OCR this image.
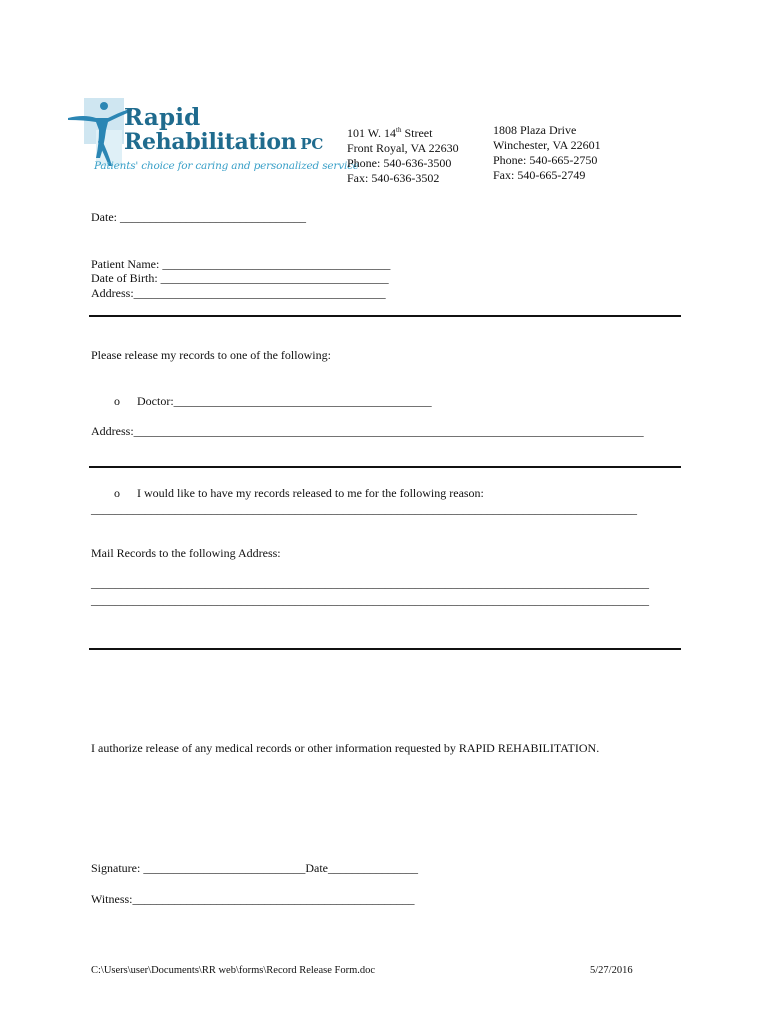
Rapid
Rehabilitation PC
Patients' choice for caring and personalized service
101 W. 14th Street
Front Royal, VA 22630
Phone: 540-636-3500
Fax: 540-636-3502
1808 Plaza Drive
Winchester, VA 22601
Phone: 540-665-2750
Fax: 540-665-2749
Date: _______________________________
Patient Name: ______________________________________
Date of Birth: ______________________________________
Address:__________________________________________
Please release my records to one of the following:
o Doctor:___________________________________________
Address:_____________________________________________________________________________________
o I would like to have my records released to me for the following reason:
___________________________________________________________________________________________
Mail Records to the following Address:
_____________________________________________________________________________________________
_____________________________________________________________________________________________
I authorize release of any medical records or other information requested by RAPID REHABILITATION.
Signature: ___________________________Date_______________
Witness:_______________________________________________
C:\Users\user\Documents\RR web\forms\Record Release Form.doc	5/27/2016
